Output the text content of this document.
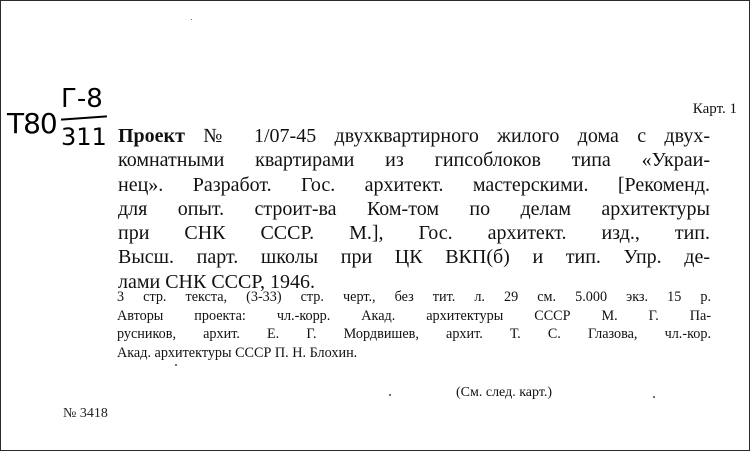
Г-8
Т80 311
Карт. 1
Проект № 1/07-45 двухквартирного жилого дома с двух-
комнатными квартирами из гипсоблоков типа «Украи-
нец». Разработ. Гос. архитект. мастерскими. [Рекоменд.
для опыт. строит-ва Ком-том по делам архитектуры
при СНК СССР. М.], Гос. архитект. изд., тип.
Высш. парт. школы при ЦК ВКП(б) и тип. Упр. де-
лами СНК СССР, 1946.
3 стр. текста, (3-33) стр. черт., без тит. л. 29 см. 5.000 экз. 15 р.
Авторы проекта: чл.-корр. Акад. архитектуры СССР М. Г. Па-
русников, архит. Е. Г. Мордвишев, архит. Т. С. Глазова, чл.-кор.
Акад. архитектуры СССР П. Н. Блохин.
(См. след. карт.)
№ 3418
